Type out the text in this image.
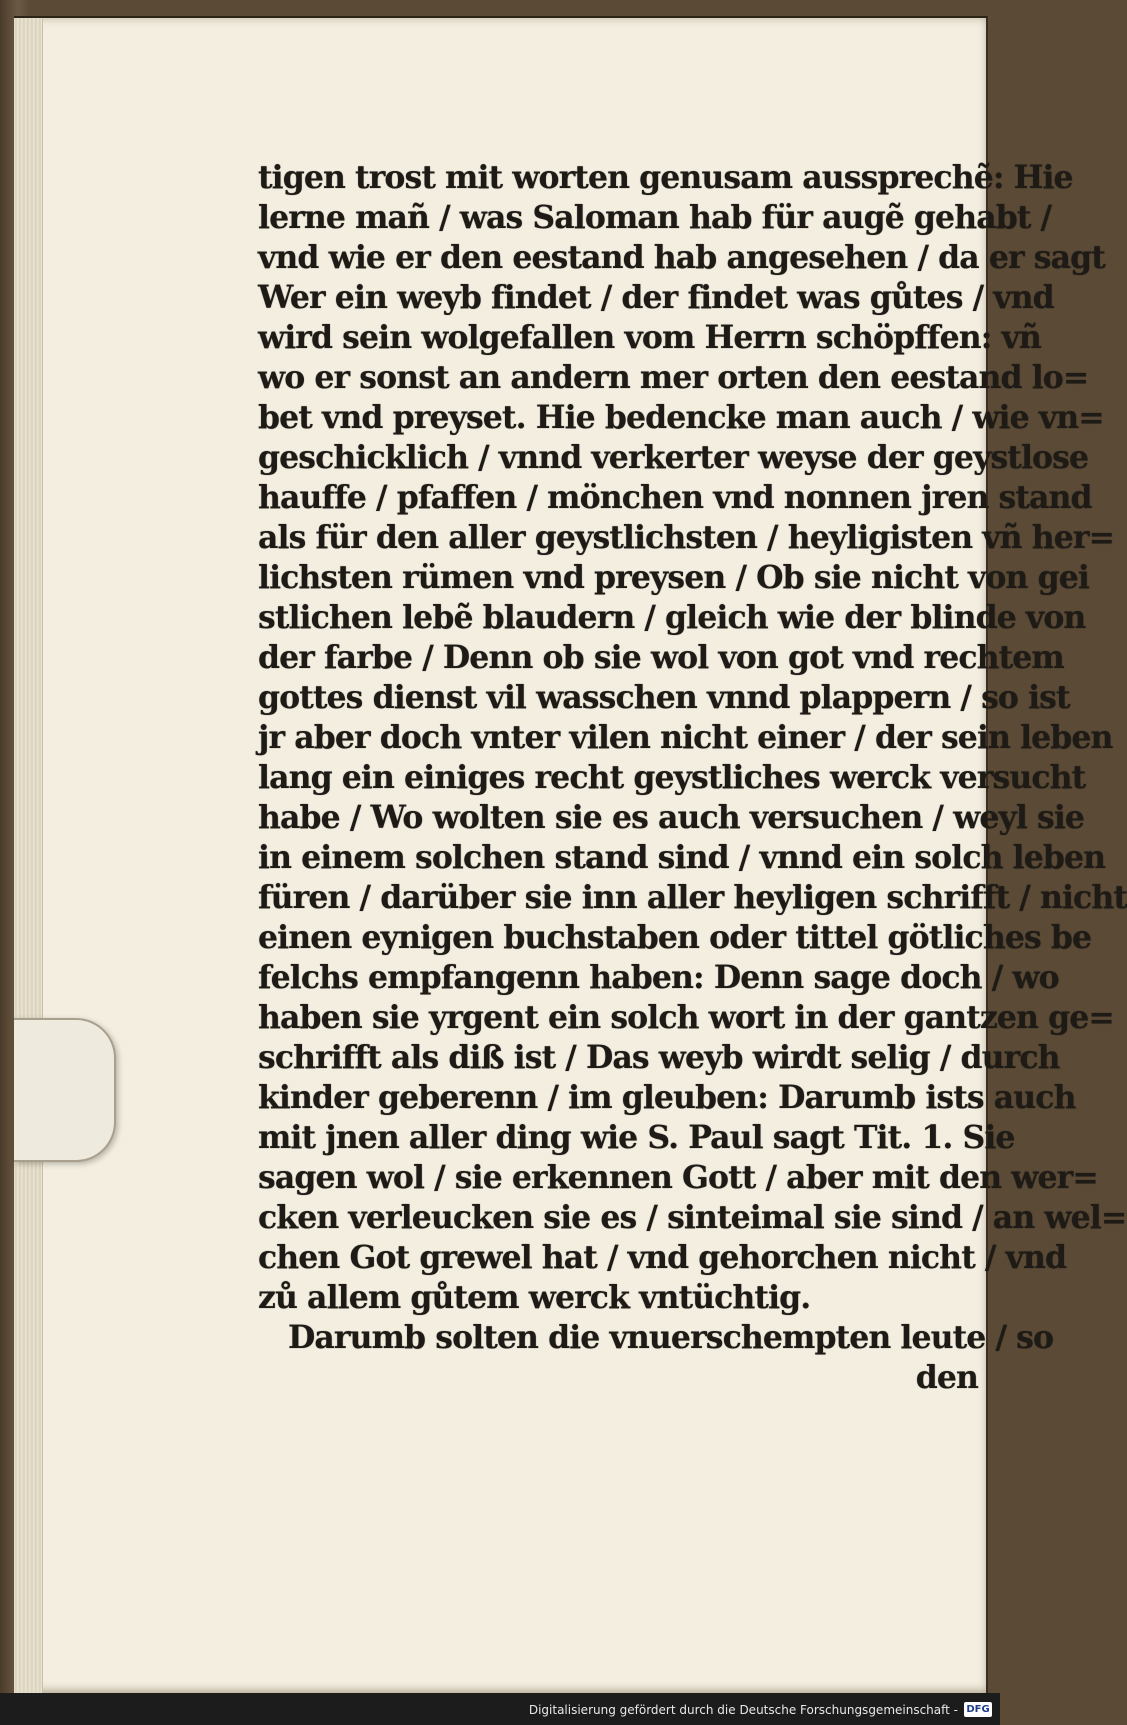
tigen trost mit worten genusam aussprechẽ: Hie
lerne mañ / was Saloman hab für augẽ gehabt /
vnd wie er den eestand hab angesehen / da er sagt
Wer ein weyb findet / der findet was gůtes / vnd
wird sein wolgefallen vom Herrn schöpffen: vñ
wo er sonst an andern mer orten den eestand lo=
bet vnd preyset. Hie bedencke man auch / wie vn=
geschicklich / vnnd verkerter weyse der geystlose
hauffe / pfaffen / mönchen vnd nonnen jren stand
als für den aller geystlichsten / heyligisten vñ her=
lichsten rümen vnd preysen / Ob sie nicht von gei
stlichen lebẽ blaudern / gleich wie der blinde von
der farbe / Denn ob sie wol von got vnd rechtem
gottes dienst vil wasschen vnnd plappern / so ist
jr aber doch vnter vilen nicht einer / der sein leben
lang ein einiges recht geystliches werck versucht
habe / Wo wolten sie es auch versuchen / weyl sie
in einem solchen stand sind / vnnd ein solch leben
füren / darüber sie inn aller heyligen schrifft / nicht
einen eynigen buchstaben oder tittel götliches be
felchs empfangenn haben: Denn sage doch / wo
haben sie yrgent ein solch wort in der gantzen ge=
schrifft als diß ist / Das weyb wirdt selig / durch
kinder geberenn / im gleuben: Darumb ists auch
mit jnen aller ding wie S. Paul sagt Tit. 1. Sie
sagen wol / sie erkennen Gott / aber mit den wer=
cken verleucken sie es / sinteimal sie sind / an wel=
chen Got grewel hat / vnd gehorchen nicht / vnd
zů allem gůtem werck vntüchtig.
Darumb solten die vnuerschempten leute / so
den
Digitalisierung gefördert durch die Deutsche Forschungsgemeinschaft - DFG
